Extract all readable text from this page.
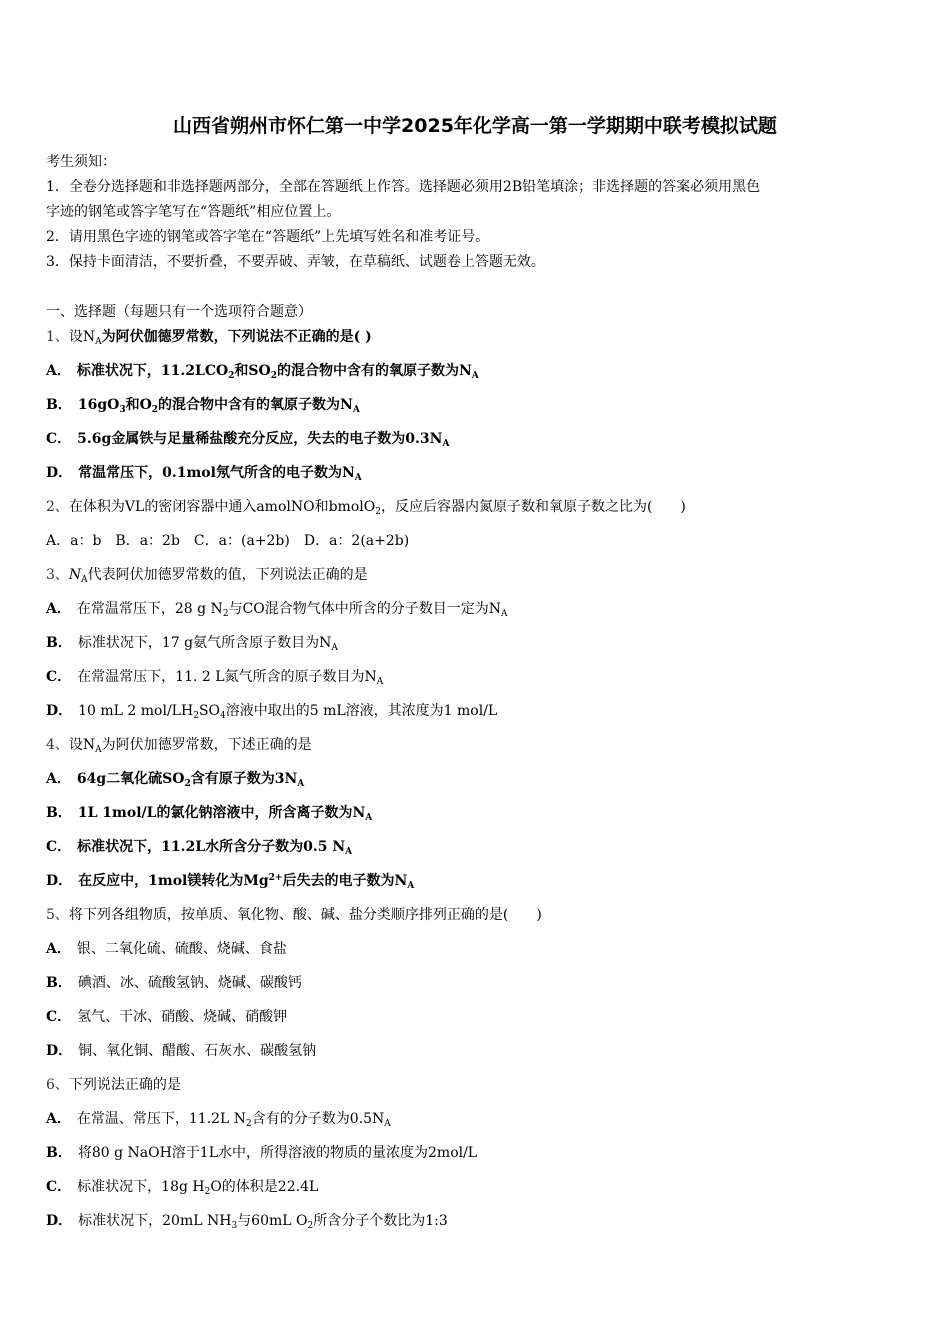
山西省朔州市怀仁第一中学2025年化学高一第一学期期中联考模拟试题
考生须知：
1．全卷分选择题和非选择题两部分，全部在答题纸上作答。选择题必须用2B铅笔填涂；非选择题的答案必须用黑色
字迹的钢笔或答字笔写在“答题纸”相应位置上。
2．请用黑色字迹的钢笔或答字笔在“答题纸”上先填写姓名和准考证号。
3．保持卡面清洁，不要折叠，不要弄破、弄皱，在草稿纸、试题卷上答题无效。
一、选择题（每题只有一个选项符合题意）
1、设$N_A$为阿伏伽德罗常数，下列说法不正确的是( )
A． 标准状况下，$11.2LCO_2$和$SO_2$的混合物中含有的氧原子数为$N_A$
B． $16gO_3$和$O_2$的混合物中含有的氧原子数为$N_A$
C． 5.6g金属铁与足量稀盐酸充分反应，失去的电子数为$0.3N_A$
D． 常温常压下，0.1mol氖气所含的电子数为$N_A$
2、在体积为VL的密闭容器中通入amolNO和bmolO$_2$，反应后容器内氮原子数和氧原子数之比为(　　)
A．a：b　B．a：2b　C．a：(a+2b)　D．a：2(a+2b)
3、$N_A$代表阿伏加德罗常数的值，下列说法正确的是
A． 在常温常压下，28 g $N_2$与CO混合物气体中所含的分子数目一定为$N_A$
B． 标准状况下，17 g氨气所含原子数目为$N_A$
C． 在常温常压下，11. 2 L氮气所含的原子数目为$N_A$
D． 10 mL 2 mol/$LH_2SO_4$溶液中取出的5 mL溶液，其浓度为1 mol/L
4、设$N_A$为阿伏加德罗常数，下述正确的是
A． 64g二氧化硫$SO_2$含有原子数为$3N_A$
B． 1L 1mol/L的氯化钠溶液中，所含离子数为$N_A$
C． 标准状况下，11.2L水所含分子数为0.5 $N_A$
D． 在反应中，1mol镁转化为$Mg^{2+}$后失去的电子数为$N_A$
5、将下列各组物质，按单质、氧化物、酸、碱、盐分类顺序排列正确的是(　　)
A． 银、二氧化硫、硫酸、烧碱、食盐
B． 碘酒、冰、硫酸氢钠、烧碱、碳酸钙
C． 氢气、干冰、硝酸、烧碱、硝酸钾
D． 铜、氧化铜、醋酸、石灰水、碳酸氢钠
6、下列说法正确的是
A． 在常温、常压下，11.2L $N_2$含有的分子数为$0.5N_A$
B． 将80 g NaOH溶于1L水中，所得溶液的物质的量浓度为2mol/L
C． 标准状况下，18g $H_2O$的体积是22.4L
D． 标准状况下，20mL $NH_3$与60mL $O_2$所含分子个数比为1:3
